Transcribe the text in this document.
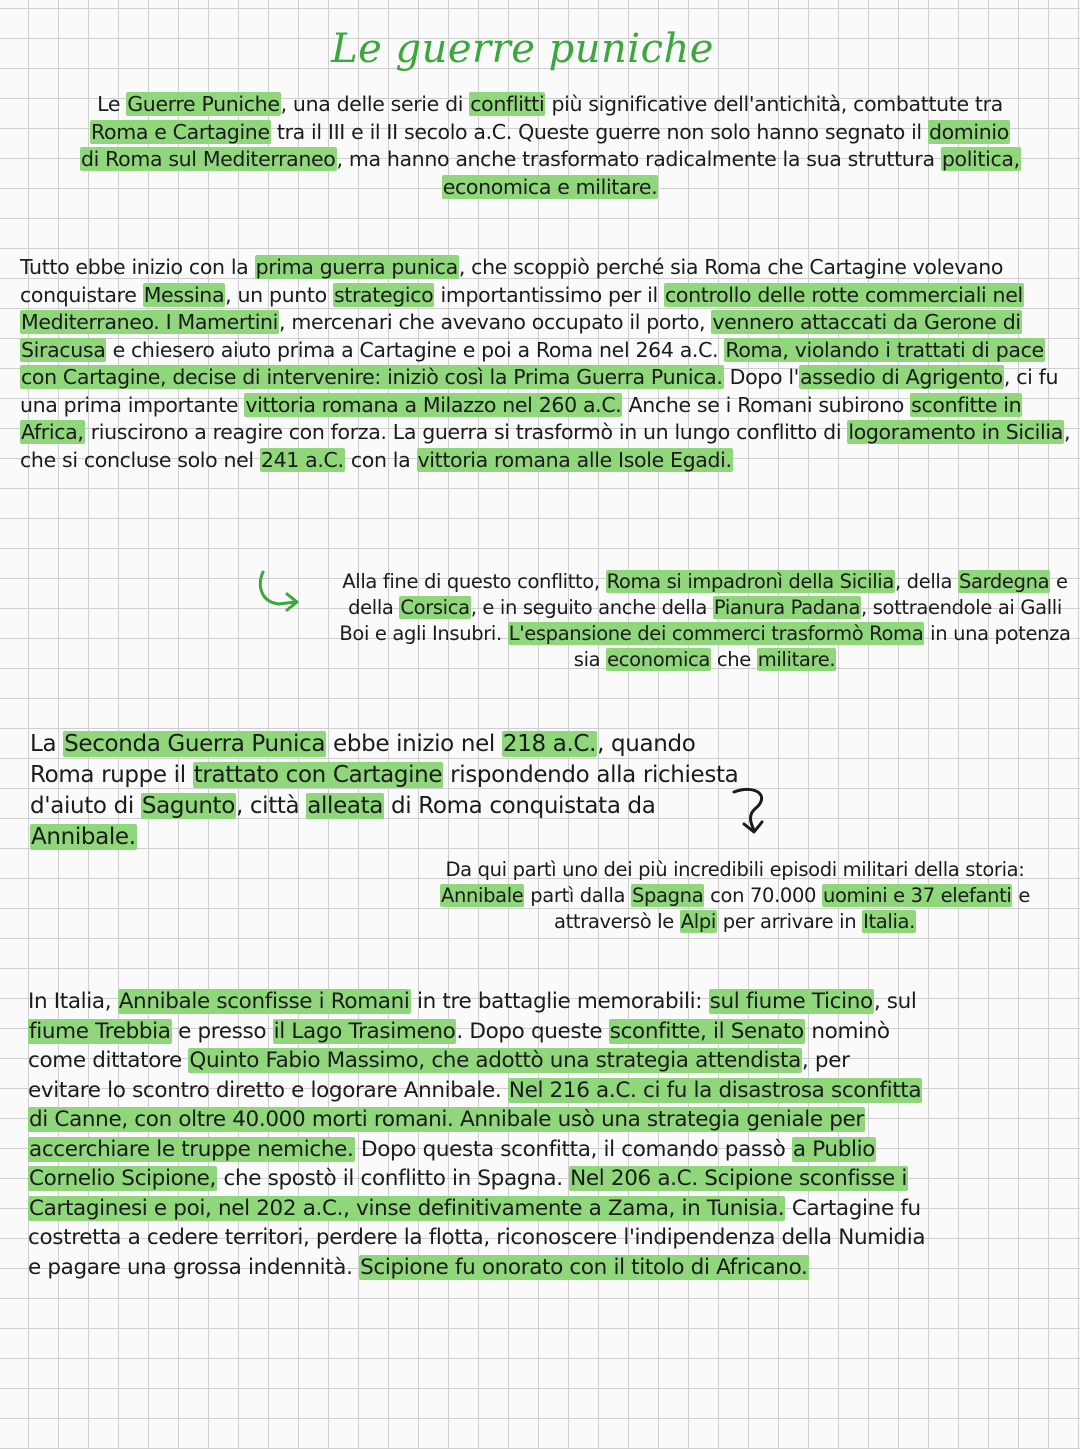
Le guerre puniche
Le Guerre Puniche, una delle serie di conflitti più significative dell'antichità, combattute tra Roma e Cartagine tra il III e il II secolo a.C. Queste guerre non solo hanno segnato il dominio di Roma sul Mediterraneo, ma hanno anche trasformato radicalmente la sua struttura politica, economica e militare.
Tutto ebbe inizio con la prima guerra punica, che scoppiò perché sia Roma che Cartagine volevano conquistare Messina, un punto strategico importantissimo per il controllo delle rotte commerciali nel Mediterraneo. I Mamertini, mercenari che avevano occupato il porto, vennero attaccati da Gerone di Siracusa e chiesero aiuto prima a Cartagine e poi a Roma nel 264 a.C. Roma, violando i trattati di pace con Cartagine, decise di intervenire: iniziò così la Prima Guerra Punica. Dopo l'assedio di Agrigento, ci fu una prima importante vittoria romana a Milazzo nel 260 a.C. Anche se i Romani subirono sconfitte in Africa, riuscirono a reagire con forza. La guerra si trasformò in un lungo conflitto di logoramento in Sicilia, che si concluse solo nel 241 a.C. con la vittoria romana alle Isole Egadi.
Alla fine di questo conflitto, Roma si impadronì della Sicilia, della Sardegna e della Corsica, e in seguito anche della Pianura Padana, sottraendole ai Galli Boi e agli Insubri. L'espansione dei commerci trasformò Roma in una potenza sia economica che militare.
La Seconda Guerra Punica ebbe inizio nel 218 a.C., quando Roma ruppe il trattato con Cartagine rispondendo alla richiesta d'aiuto di Sagunto, città alleata di Roma conquistata da Annibale.
Da qui partì uno dei più incredibili episodi militari della storia: Annibale partì dalla Spagna con 70.000 uomini e 37 elefanti e attraversò le Alpi per arrivare in Italia.
In Italia, Annibale sconfisse i Romani in tre battaglie memorabili: sul fiume Ticino, sul fiume Trebbia e presso il Lago Trasimeno. Dopo queste sconfitte, il Senato nominò come dittatore Quinto Fabio Massimo, che adottò una strategia attendista, per evitare lo scontro diretto e logorare Annibale. Nel 216 a.C. ci fu la disastrosa sconfitta di Canne, con oltre 40.000 morti romani. Annibale usò una strategia geniale per accerchiare le truppe nemiche. Dopo questa sconfitta, il comando passò a Publio Cornelio Scipione, che spostò il conflitto in Spagna. Nel 206 a.C. Scipione sconfisse i Cartaginesi e poi, nel 202 a.C., vinse definitivamente a Zama, in Tunisia. Cartagine fu costretta a cedere territori, perdere la flotta, riconoscere l'indipendenza della Numidia e pagare una grossa indennità. Scipione fu onorato con il titolo di Africano.
